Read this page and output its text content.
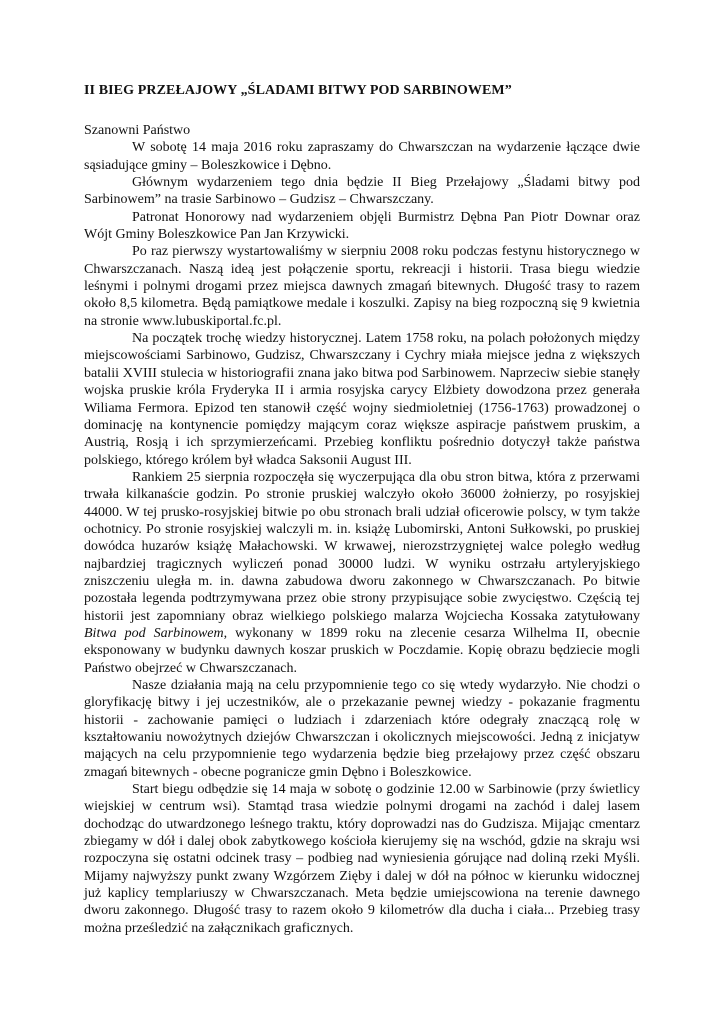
II BIEG PRZEŁAJOWY „ŚLADAMI BITWY POD SARBINOWEM”

Szanowni Państwo

W sobotę 14 maja 2016 roku zapraszamy do Chwarszczan na wydarzenie łączące dwie sąsiadujące gminy – Boleszkowice i Dębno.

Głównym wydarzeniem tego dnia będzie II Bieg Przełajowy „Śladami bitwy pod Sarbinowem” na trasie Sarbinowo – Gudzisz – Chwarszczany.

Patronat Honorowy nad wydarzeniem objęli Burmistrz Dębna Pan Piotr Downar oraz Wójt Gminy Boleszkowice Pan Jan Krzywicki.

Po raz pierwszy wystartowaliśmy w sierpniu 2008 roku podczas festynu historycznego w Chwarszczanach. Naszą ideą jest połączenie sportu, rekreacji i historii. Trasa biegu wiedzie leśnymi i polnymi drogami przez miejsca dawnych zmagań bitewnych. Długość trasy to razem około 8,5 kilometra. Będą pamiątkowe medale i koszulki. Zapisy na bieg rozpoczną się 9 kwietnia na stronie www.lubuskiportal.fc.pl.

Na początek trochę wiedzy historycznej. Latem 1758 roku, na polach położonych między miejscowościami Sarbinowo, Gudzisz, Chwarszczany i Cychry miała miejsce jedna z większych batalii XVIII stulecia w historiografii znana jako bitwa pod Sarbinowem. Naprzeciw siebie stanęły wojska pruskie króla Fryderyka II i armia rosyjska carycy Elżbiety dowodzona przez generała Wiliama Fermora. Epizod ten stanowił część wojny siedmioletniej (1756-1763) prowadzonej o dominację na kontynencie pomiędzy mającym coraz większe aspiracje państwem pruskim, a Austrią, Rosją i ich sprzymierzeńcami. Przebieg konfliktu pośrednio dotyczył także państwa polskiego, którego królem był władca Saksonii August III.

Rankiem 25 sierpnia rozpoczęła się wyczerpująca dla obu stron bitwa, która z przerwami trwała kilkanaście godzin. Po stronie pruskiej walczyło około 36000 żołnierzy, po rosyjskiej 44000. W tej prusko-rosyjskiej bitwie po obu stronach brali udział oficerowie polscy, w tym także ochotnicy. Po stronie rosyjskiej walczyli m. in. książę Lubomirski, Antoni Sułkowski, po pruskiej dowódca huzarów książę Małachowski. W krwawej, nierozstrzygniętej walce poległo według najbardziej tragicznych wyliczeń ponad 30000 ludzi. W wyniku ostrzału artyleryjskiego zniszczeniu uległa m. in. dawna zabudowa dworu zakonnego w Chwarszczanach. Po bitwie pozostała legenda podtrzymywana przez obie strony przypisujące sobie zwycięstwo. Częścią tej historii jest zapomniany obraz wielkiego polskiego malarza Wojciecha Kossaka zatytułowany Bitwa pod Sarbinowem, wykonany w 1899 roku na zlecenie cesarza Wilhelma II, obecnie eksponowany w budynku dawnych koszar pruskich w Poczdamie. Kopię obrazu będziecie mogli Państwo obejrzeć w Chwarszczanach.

Nasze działania mają na celu przypomnienie tego co się wtedy wydarzyło. Nie chodzi o gloryfikację bitwy i jej uczestników, ale o przekazanie pewnej wiedzy - pokazanie fragmentu historii - zachowanie pamięci o ludziach i zdarzeniach które odegrały znaczącą rolę w kształtowaniu nowożytnych dziejów Chwarszczan i okolicznych miejscowości. Jedną z inicjatyw mających na celu przypomnienie tego wydarzenia będzie bieg przełajowy przez część obszaru zmagań bitewnych - obecne pogranicze gmin Dębno i Boleszkowice.

Start biegu odbędzie się 14 maja w sobotę o godzinie 12.00 w Sarbinowie (przy świetlicy wiejskiej w centrum wsi). Stamtąd trasa wiedzie polnymi drogami na zachód i dalej lasem dochodząc do utwardzonego leśnego traktu, który doprowadzi nas do Gudzisza. Mijając cmentarz zbiegamy w dół i dalej obok zabytkowego kościoła kierujemy się na wschód, gdzie na skraju wsi rozpoczyna się ostatni odcinek trasy – podbieg nad wyniesienia górujące nad doliną rzeki Myśli. Mijamy najwyższy punkt zwany Wzgórzem Zięby i dalej w dół na północ w kierunku widocznej już kaplicy templariuszy w Chwarszczanach. Meta będzie umiejscowiona na terenie dawnego dworu zakonnego. Długość trasy to razem około 9 kilometrów dla ducha i ciała... Przebieg trasy można prześledzić na załącznikach graficznych.
